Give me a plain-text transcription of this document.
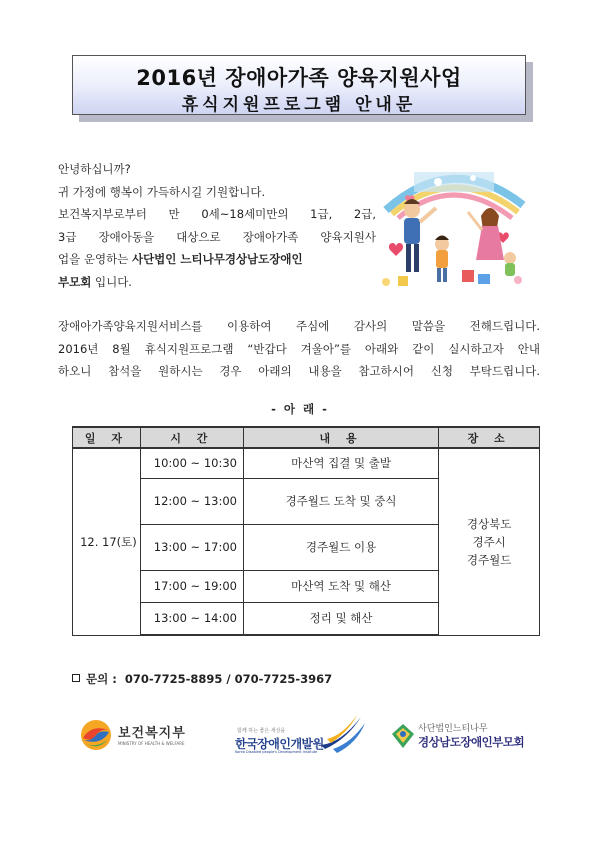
2016년 장애아가족 양육지원사업
휴식지원프로그램 안내문
안녕하십니까?
귀 가정에 행복이 가득하시길 기원합니다.
보건복지부로부터 만 0세~18세미만의 1급, 2급,
3급 장애아동을 대상으로 장애아가족 양육지원사
업을 운영하는 사단법인 느티나무경상남도장애인
부모회 입니다.
장애아가족양육지원서비스를 이용하여 주심에 감사의 말씀을 전해드립니다.
2016년 8월 휴식지원프로그램 “반갑다 겨울아”를 아래와 같이 실시하고자 안내
하오니 참석을 원하시는 경우 아래의 내용을 참고하시어 신청 부탁드립니다.
- 아 래 -
일 자	시 간	내 용	장 소
12. 17(토)	10:00 ~ 10:30	마산역 집결 및 출발	경상북도
경주시
경주월드

	12:00 ~ 13:00	경주월드 도착 및 중식	
	13:00 ~ 17:00	경주월드 이용	
	17:00 ~ 19:00	마산역 도착 및 해산	
	13:00 ~ 14:00	정리 및 해산	
문의 : 070-7725-8895 / 070-7725-3967
보건복지부
MINISTRY OF HEALTH & WELFARE
함께 하는 좋은 세상을
한국장애인개발원
Korea Disabled people's Development Institute
사단법인느티나무
경상남도장애인부모회
